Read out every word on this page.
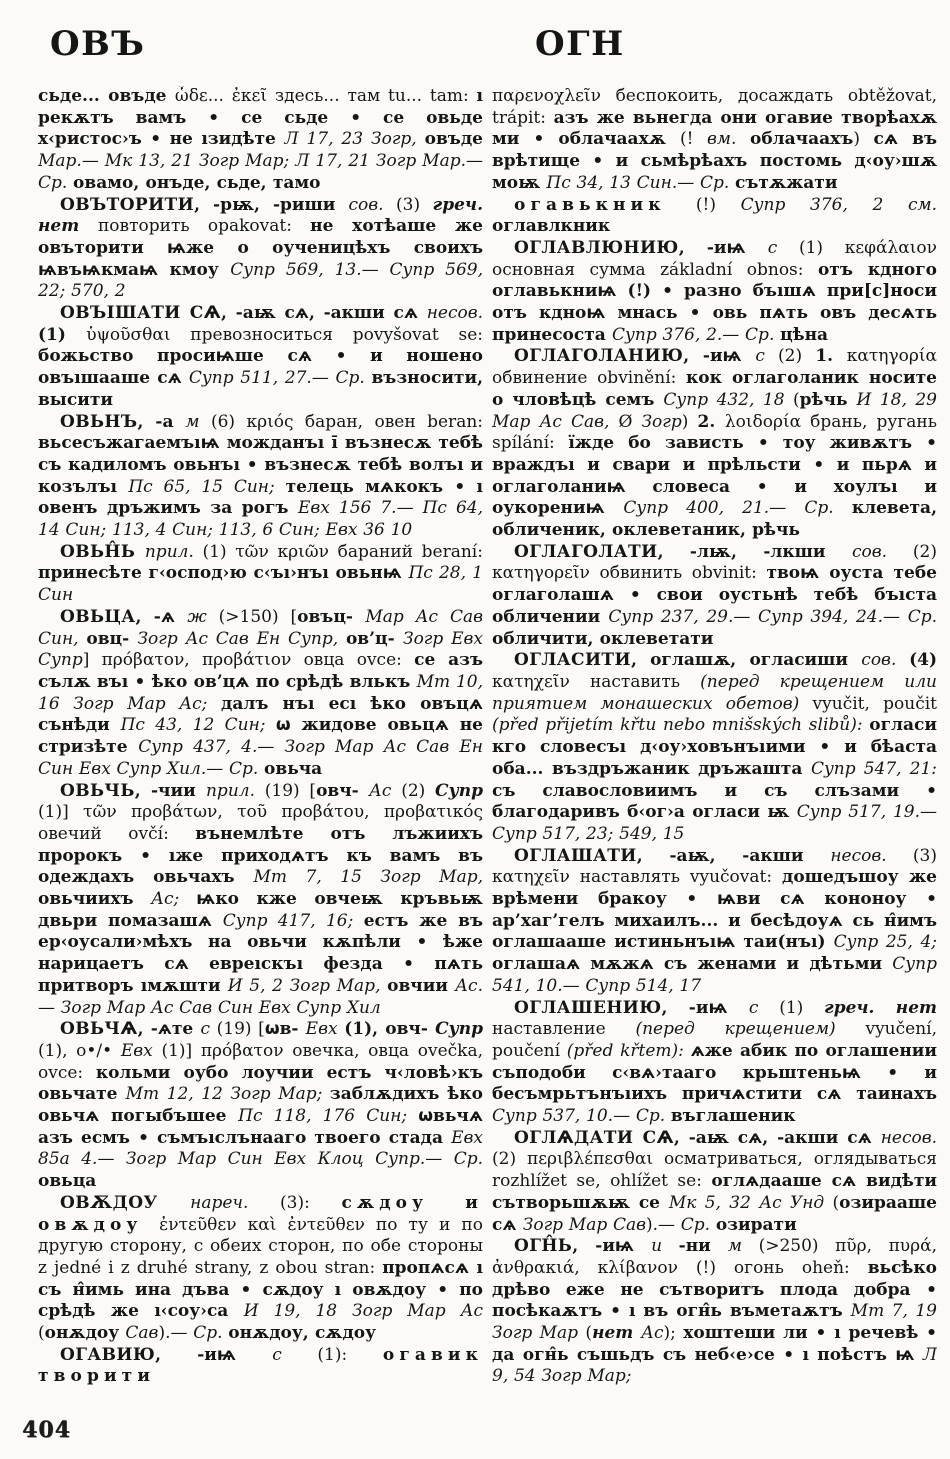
ОВЪ	ОГН

сьде... овъде ὧδε... ἐκεῖ здесь... там tu... tam: ı рекѫтъ вамъ • се сьде • се овьде х‹ристос›ъ • не ıзидѣте Л 17, 23 Зогр, овъде Мар.— Мк 13, 21 Зогр Мар; Л 17, 21 Зогр Мар.— Ср. овамо, онъде, сьде, тамо

ОВЪТОРИТИ, -рѭ, -риши сов. (3) греч. нет повторить opakovat: не хотѣаше же овъторити ѩже о оученицѣхъ своихъ ѩвъѩкмаѩ кмоу Супр 569, 13.— Супр 569, 22; 570, 2

ОВЪIШАТИ СѦ, -аѭ сѧ, -акши сѧ несов. (1) ὑψοῦσθαι превозноситься povyšovat se: божьство просиѩше сѧ • и ношено овъıшааше сѧ Супр 511, 27.— Ср. възносити, высити

ОВЬНЪ, -а м (6) κριός баран, овен beran: вьсесъжагаемъıѩ можданъı ı̄ възнесѫ тебѣ съ кадиломъ овьнъı • възнесѫ тебѣ волъı и козълъı Пс 65, 15 Син; телець мѧкокъ • ı овенъ дръжимъ за рогъ Евх 156 7.— Пс 64, 14 Син; 113, 4 Син; 113, 6 Син; Евх 36 10

ОВЬН̂Ь прил. (1) τῶν κριῶν бараний beraní: принесѣте г‹оспод›ю с‹ъı›нъı овьнѩ Пс 28, 1 Син

ОВЬЦА, -ѧ ж (>150) [овъц- Мар Ас Сав Син, овц- Зогр Ас Сав Ен Супр, ов’ц- Зогр Евх Супр] πρόβατον, προβάτιον овца ovce: се азъ сълѫ въı • ѣко ов’цѧ по срѣдѣ влькъ Мт 10, 16 Зогр Мар Ас; далъ нъı есı ѣко овъцѧ сънѣди Пс 43, 12 Син; ѡ жидове овьцѧ не стризѣте Супр 437, 4.— Зогр Мар Ас Сав Ен Син Евх Супр Хил.— Ср. овьча

ОВЬЧЬ, -чии прил. (19) [овч- Ас (2) Супр (1)] τῶν προβάτων, τοῦ προβάτου, προβατικός овечий ovčí: вънемлѣте отъ лъжиихъ пророкъ • ıже приходѧтъ къ вамъ въ одеждахъ овьчахъ Мт 7, 15 Зогр Мар, овьчиихъ Ас; ѩко кже овчеѭ кръвьѭ двьри помазашѧ Супр 417, 16; естъ же въ ер‹оусали›мѣхъ на овьчи кѫпѣли • ѣже нарицаетъ сѧ евреıскъı фезда • пѧть притворъ ıмѫшти И 5, 2 Зогр Мар, овчии Ас.— Зогр Мар Ас Сав Син Евх Супр Хил

ОВЬЧѦ, -ѧте с (19) [ѡв- Евх (1), овч- Супр (1), о•/• Евх (1)] πρόβατον овечка, овца ovečka, ovce: кольми оубо лоучии естъ ч‹ловѣ›къ овьчате Мт 12, 12 Зогр Мар; заблѫдихъ ѣко овьчѧ погыбъшее Пс 118, 176 Син; ѡвьчѧ азъ есмъ • съмъıслънааго твоего стада Евх 85а 4.— Зогр Мар Син Евх Клоц Супр.— Ср. овьца

ОВѪДОУ нареч. (3): сѫдоу и овѫдоу ἐντεῦθεν καὶ ἐντεῦθεν по ту и по другую сторону, с обеих сторон, по обе стороны z jedné i z druhé strany, z obou stran: пропѧсѧ ı съ н̂имь ина дъва • сѫдоу ı овѫдоу • по срѣдѣ же ı‹соу›са И 19, 18 Зогр Мар Ас (онѫдоу Сав).— Ср. онѫдоу, сѫдоу

ОГАВИЮ, -иѩ с (1): огавик творити

παρενοχλεῖν беспокоить, досаждать obtěžovat, trápit: азъ же вьнегда они огавие творѣахѫ ми • облачаахѫ (! вм. облачаахъ) сѧ въ врѣтище • и сьмѣрѣахъ постомь д‹оу›шѫ моѭ Пс 34, 13 Син.— Ср. сътѫжати

огавькник (!) Супр 376, 2 см. оглавлкник

ОГЛАВЛЮНИЮ, -иѩ с (1) κεφάλαιον основная сумма základní obnos: отъ кдного оглавькниѩ (!) • разно бъıшѧ при[с]носи отъ кдноѩ мнась • овь пѧть овъ десѧть принесоста Супр 376, 2.— Ср. цѣна

ОГЛАГОЛАНИЮ, -иѩ с (2) 1. κατηγορία обвинение obvinění: кок оглаголаник носите о чловѣцѣ семъ Супр 432, 18 (рѣчь И 18, 29 Мар Ас Сав, Ø Зогр) 2. λοιδορία брань, ругань spílání: ïжде бо зависть • тоу живѫтъ • враждъı и свари и прѣльсти • и пьрѧ и оглаголаниѩ словеса • и хоулъı и оукорениѩ Супр 400, 21.— Ср. клевета, обличеник, оклеветаник, рѣчь

ОГЛАГОЛАТИ, -лѭ, -лкши сов. (2) κατηγορεῖν обвинить obvinit: твоѩ оуста тебе оглаголашѧ • свои оустьнѣ тебѣ бъıста обличении Супр 237, 29.— Супр 394, 24.— Ср. обличити, оклеветати

ОГЛАСИТИ, оглашѫ, огласиши сов. (4) κατηχεῖν наставить (перед крещением или приятием монашеских обетов) vyučit, poučit (před přijetím křtu nebo mnišských slibů): огласи кго словесъı д‹оу›ховънъıими • и бѣаста оба... въздръжаник дръжашта Супр 547, 21: съ славословиимъ и съ слъзами • благодаривъ б‹ог›а огласи ѭ Супр 517, 19.— Супр 517, 23; 549, 15

ОГЛАШАТИ, -аѭ, -акши несов. (3) κατηχεῖν наставлять vyučovat: дошедъшоу же врѣмени бракоу • ѩви сѧ кононоу • ар’хаг’гелъ михаилъ... и бесѣдоуѧ сь н̂имъ оглашааше истиньнъıѩ таи(нъı) Супр 25, 4; оглашаѧ мѫжѧ съ женами и дѣтьми Супр 541, 10.— Супр 514, 17

ОГЛАШЕНИЮ, -иѩ с (1) греч. нет наставление (перед крещением) vyučení, poučení (před křtem): ѧже абик по оглашении съподоби с‹вѧ›тааго крьштеньѩ • и бесъмрьтънъıихъ причѧстити сѧ таинахъ Супр 537, 10.— Ср. въглашеник

ОГЛѦДАТИ СѦ, -аѭ сѧ, -акши сѧ несов. (2) περιβλέπεσθαι осматриваться, оглядываться rozhlížet se, ohlížet se: оглѧдааше сѧ видѣти сътворьшѫѭ се Мк 5, 32 Ас Унд (озирааше сѧ Зогр Мар Сав).— Ср. озирати

ОГН̂Ь, -иѩ и -ни м (>250) πῦρ, πυρά, ἀνθρακιά, κλίβανον (!) огонь oheň: вьсѣко дрѣво еже не сътворитъ плода добра • посѣкаѫтъ • ı въ огн̂ь въметаѫтъ Мт 7, 19 Зогр Мар (нет Ас); хоштеши ли • ı речевѣ • да огн̂ь съшьдъ съ неб‹е›се • ı поѣстъ ѩ Л 9, 54 Зогр Мар;

404
